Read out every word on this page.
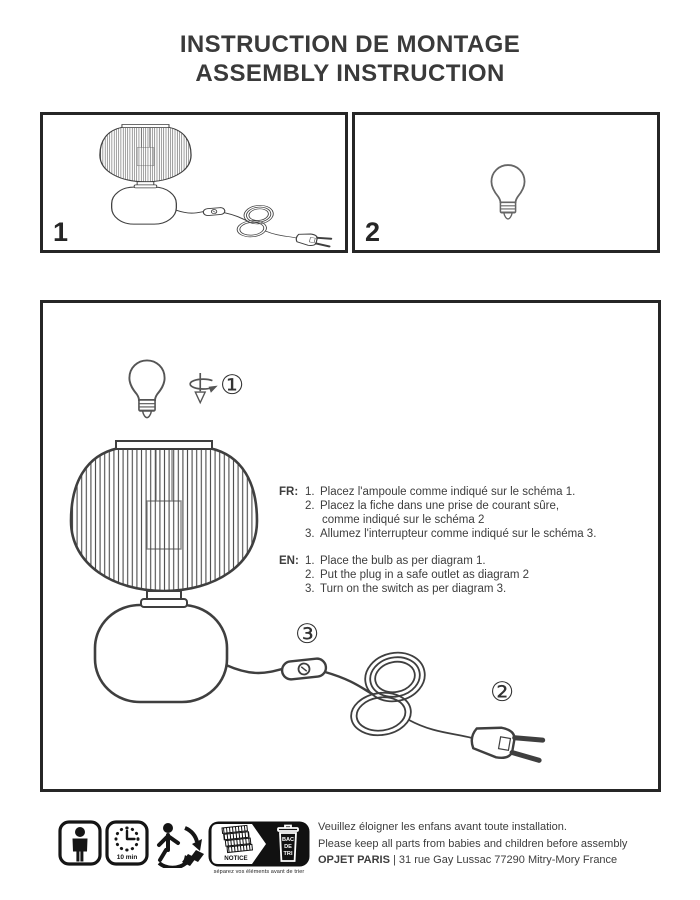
INSTRUCTION DE MONTAGE
ASSEMBLY INSTRUCTION
1	2
①
③
②
FR: 1. Placez l'ampoule comme indiqué sur le schéma 1.
2. Placez la fiche dans une prise de courant sûre,
comme indiqué sur le schéma 2
3. Allumez l'interrupteur comme indiqué sur le schéma 3.
EN: 1. Place the bulb as per diagram 1.
2. Put the plug in a safe outlet as diagram 2
3. Turn on the switch as per diagram 3.
10 min	NOTICE
BAC
DE
TRI
séparez vos éléments avant de trier
Veuillez éloigner les enfans avant toute installation.
Please keep all parts from babies and children before assembly
OPJET PARIS | 31 rue Gay Lussac 77290 Mitry-Mory France
